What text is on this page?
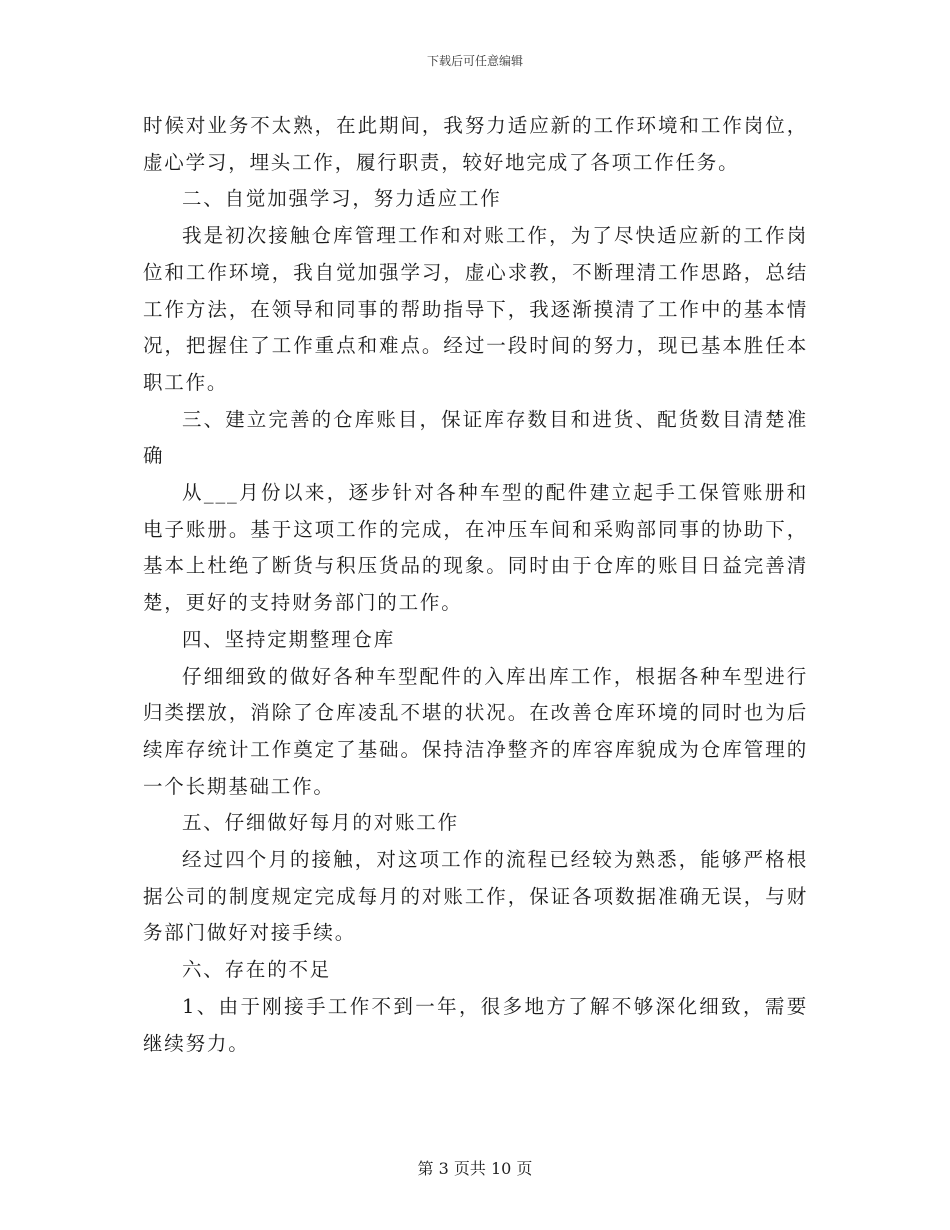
下载后可任意编辑

时候对业务不太熟，在此期间，我努力适应新的工作环境和工作岗位，虚心学习，埋头工作，履行职责，较好地完成了各项工作任务。

二、自觉加强学习，努力适应工作

我是初次接触仓库管理工作和对账工作，为了尽快适应新的工作岗位和工作环境，我自觉加强学习，虚心求教，不断理清工作思路，总结工作方法，在领导和同事的帮助指导下，我逐渐摸清了工作中的基本情况，把握住了工作重点和难点。经过一段时间的努力，现已基本胜任本职工作。

三、建立完善的仓库账目，保证库存数目和进货、配货数目清楚准确

从___月份以来，逐步针对各种车型的配件建立起手工保管账册和电子账册。基于这项工作的完成，在冲压车间和采购部同事的协助下，基本上杜绝了断货与积压货品的现象。同时由于仓库的账目日益完善清楚，更好的支持财务部门的工作。

四、坚持定期整理仓库

仔细细致的做好各种车型配件的入库出库工作，根据各种车型进行归类摆放，消除了仓库凌乱不堪的状况。在改善仓库环境的同时也为后续库存统计工作奠定了基础。保持洁净整齐的库容库貌成为仓库管理的一个长期基础工作。

五、仔细做好每月的对账工作

经过四个月的接触，对这项工作的流程已经较为熟悉，能够严格根据公司的制度规定完成每月的对账工作，保证各项数据准确无误，与财务部门做好对接手续。

六、存在的不足

1、由于刚接手工作不到一年，很多地方了解不够深化细致，需要继续努力。

第 3 页共 10 页
